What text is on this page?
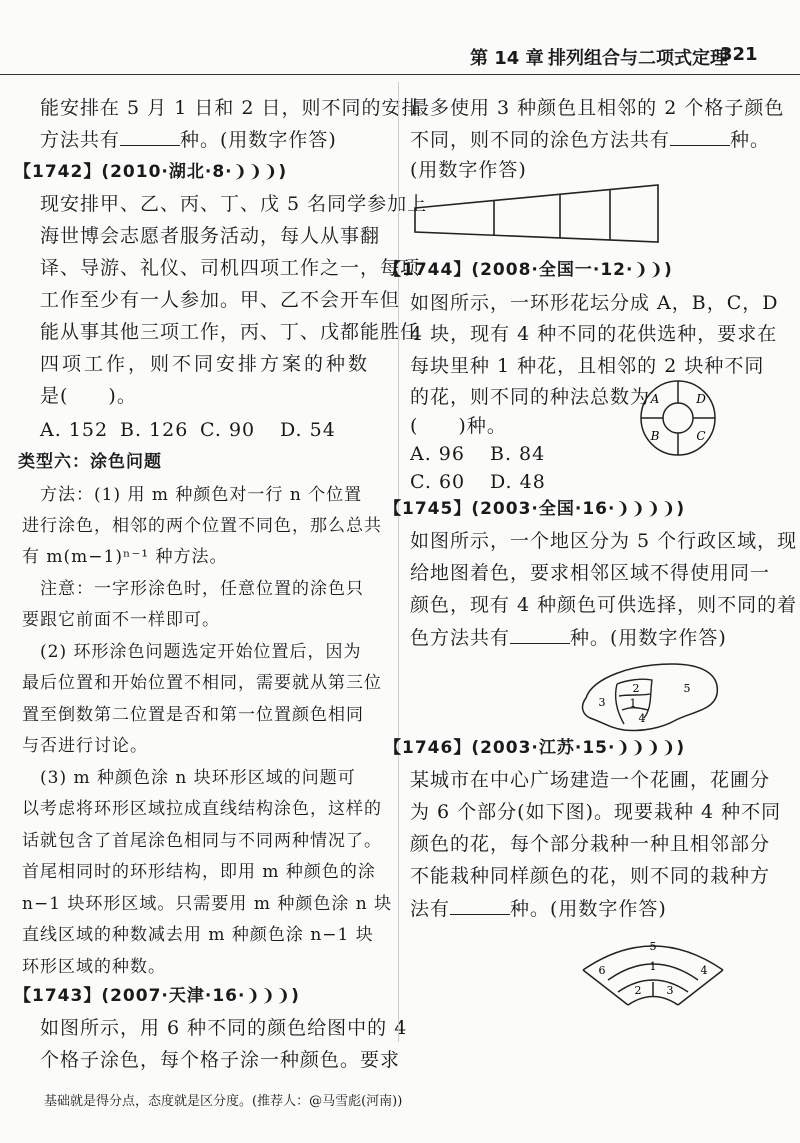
第 14 章 排列组合与二项式定理
321
能安排在 5 月 1 日和 2 日，则不同的安排
方法共有	种。(用数字作答)
【1742】(2010·湖北·8·❩❩❩)
现安排甲、乙、丙、丁、戊 5 名同学参加上
海世博会志愿者服务活动，每人从事翻
译、导游、礼仪、司机四项工作之一，每项
工作至少有一人参加。甲、乙不会开车但
能从事其他三项工作，丙、丁、戊都能胜任
四项工作，则不同安排方案的种数
是(　　)。
A. 152 B. 126 C. 90 D. 54
类型六：涂色问题
方法：(1) 用 m 种颜色对一行 n 个位置
进行涂色，相邻的两个位置不同色，那么总共
有 m(m−1)ⁿ⁻¹ 种方法。
注意：一字形涂色时，任意位置的涂色只
要跟它前面不一样即可。
(2) 环形涂色问题选定开始位置后，因为
最后位置和开始位置不相同，需要就从第三位
置至倒数第二位置是否和第一位置颜色相同
与否进行讨论。
(3) m 种颜色涂 n 块环形区域的问题可
以考虑将环形区域拉成直线结构涂色，这样的
话就包含了首尾涂色相同与不同两种情况了。
首尾相同时的环形结构，即用 m 种颜色的涂
n−1 块环形区域。只需要用 m 种颜色涂 n 块
直线区域的种数减去用 m 种颜色涂 n−1 块
环形区域的种数。
【1743】(2007·天津·16·❩❩❩)
如图所示，用 6 种不同的颜色给图中的 4
个格子涂色，每个格子涂一种颜色。要求
基础就是得分点，态度就是区分度。(推荐人：@马雪彪(河南))
最多使用 3 种颜色且相邻的 2 个格子颜色
不同，则不同的涂色方法共有	种。
(用数字作答)
【1744】(2008·全国一·12·❩❩)
如图所示，一环形花坛分成 A，B，C，D
4 块，现有 4 种不同的花供选种，要求在
每块里种 1 种花，且相邻的 2 块种不同
的花，则不同的种法总数为
(　　)种。
A. 96 B. 84
C. 60 D. 48
A	D
B	C
【1745】(2003·全国·16·❩❩❩❩)
如图所示，一个地区分为 5 个行政区域，现
给地图着色，要求相邻区域不得使用同一
颜色，现有 4 种颜色可供选择，则不同的着
色方法共有	种。(用数字作答)
1
2
3
4
5
【1746】(2003·江苏·15·❩❩❩❩)
某城市在中心广场建造一个花圃，花圃分
为 6 个部分(如下图)。现要栽种 4 种不同
颜色的花，每个部分栽种一种且相邻部分
不能栽种同样颜色的花，则不同的栽种方
法有	种。(用数字作答)
5
1
6	4
2 3
